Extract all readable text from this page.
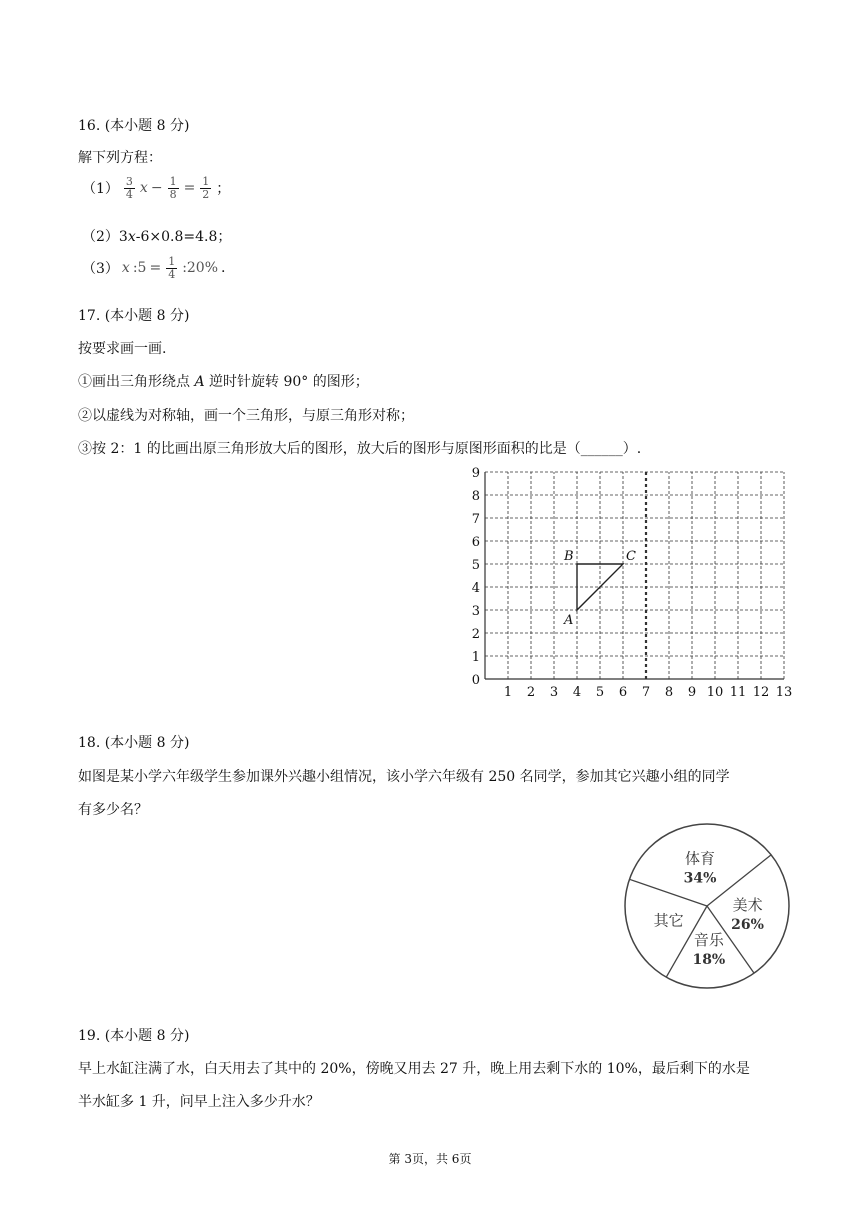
16. (本小题 8 分)
解下列方程：
$(1) \frac{3}{4}$ $x - \frac{1}{8} = \frac{1}{2}$ ；
（2）3x-6×0.8=4.8；
（3） x :5 = $\frac{1}{4}$ :20% .
17. (本小题 8 分)
按要求画一画.
①画出三角形绕点 A 逆时针旋转 90° 的图形；
②以虚线为对称轴，画一个三角形，与原三角形对称；
③按 2：1 的比画出原三角形放大后的图形，放大后的图形与原图形面积的比是（______）.
1 2 3 4 5 6 7 8 9 10 11 12 13
0
1
2
3
4
5
6
7
8
9
A
B	C
18. (本小题 8 分)
如图是某小学六年级学生参加课外兴趣小组情况，该小学六年级有 250 名同学，参加其它兴趣小组的同学
有多少名？
体育
34%
美术
26%
音乐
18%
其它
19. (本小题 8 分)
早上水缸注满了水，白天用去了其中的 20%，傍晚又用去 27 升，晚上用去剩下水的 10%，最后剩下的水是
半水缸多 1 升，问早上注入多少升水？
第 3页，共 6页
